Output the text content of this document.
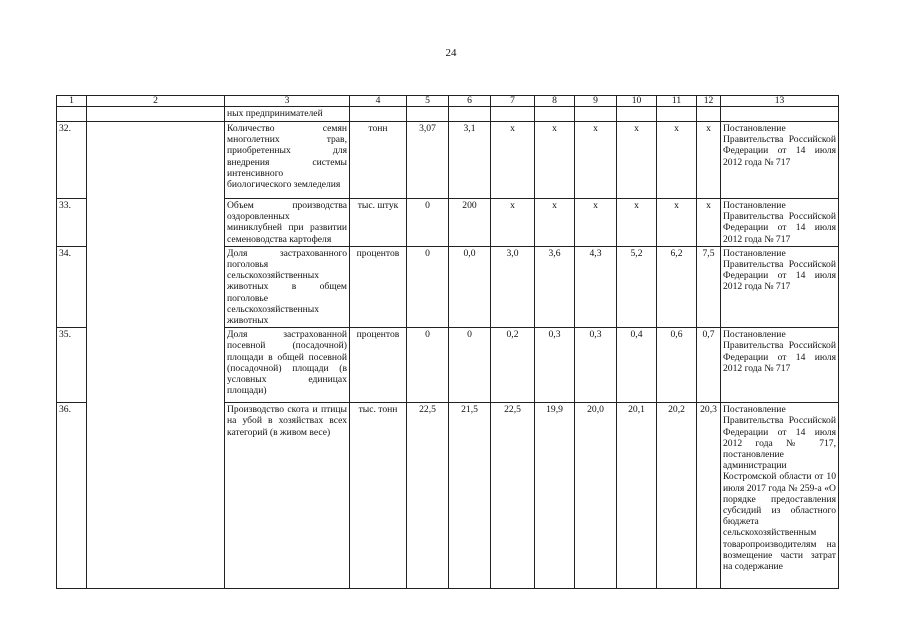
24
1	2	3	4	5	6	7	8	9	10	11	12	13
		ных предпринимателей										
32.		Количество семян многолетних трав, приобретенных для внедрения системы интенсивного биологического земледелия	тонн	3,07	3,1	х	х	х	х	х	х	Постановление Правительства Российской Федерации от 14 июля 2012 года № 717
33.		Объем производства оздоровленных миниклубней при развитии семеноводства картофеля	тыс. штук	0	200	х	х	х	х	х	х	Постановление Правительства Российской Федерации от 14 июля 2012 года № 717
34.		Доля застрахованного поголовья сельскохозяйственных животных в общем поголовье сельскохозяйственных животных	процентов	0	0,0	3,0	3,6	4,3	5,2	6,2	7,5	Постановление Правительства Российской Федерации от 14 июля 2012 года № 717
35.		Доля застрахованной посевной (посадочной) площади в общей посевной (посадочной) площади (в условных единицах площади)	процентов	0	0	0,2	0,3	0,3	0,4	0,6	0,7	Постановление Правительства Российской Федерации от 14 июля 2012 года № 717
36.		Производство скота и птицы на убой в хозяйствах всех категорий (в живом весе)	тыс. тонн	22,5	21,5	22,5	19,9	20,0	20,1	20,2	20,3	Постановление Правительства Российской Федерации от 14 июля 2012 года № 717, постановление администрации Костромской области от 10 июля 2017 года № 259-а «О порядке предоставления субсидий из областного бюджета сельскохозяйственным товаропроизводителям на возмещение части затрат на содержание
